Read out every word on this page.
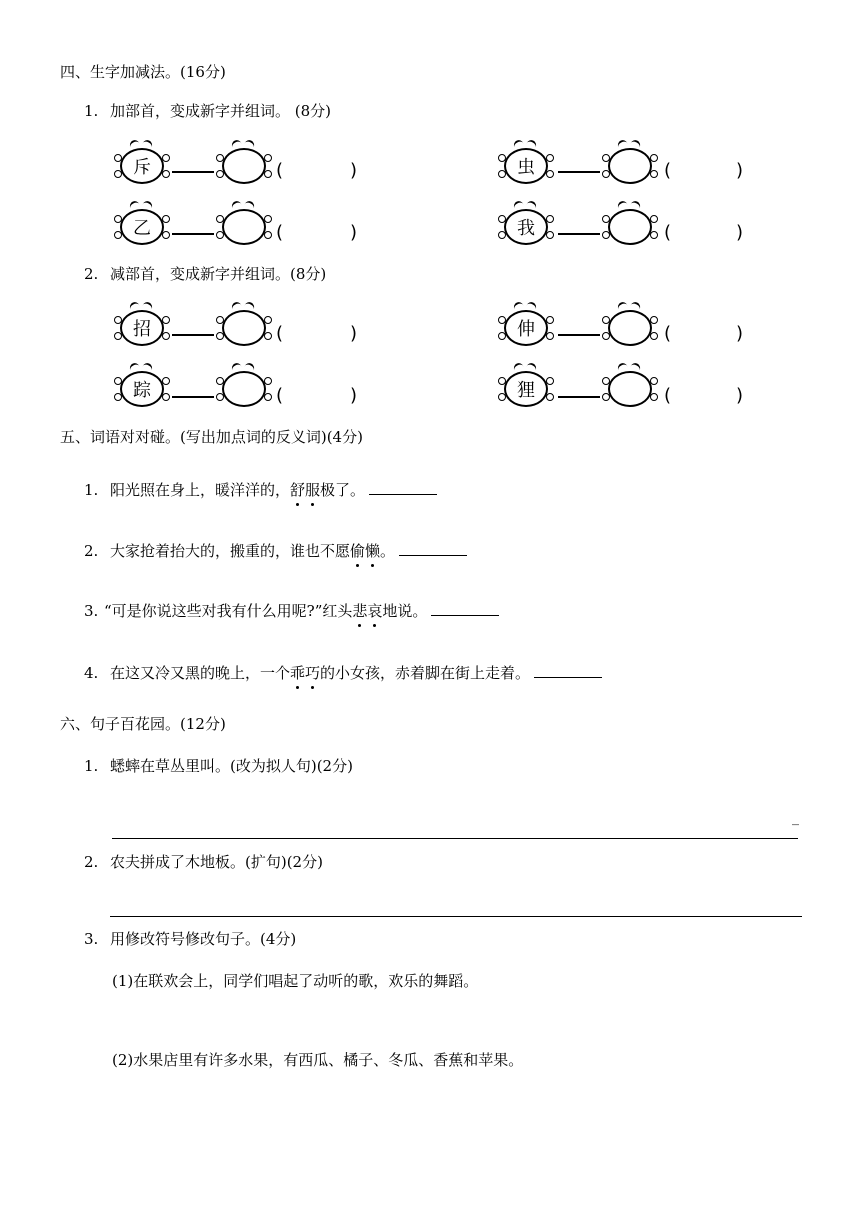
四、生字加减法。(16分)
1. 加部首，变成新字并组词。 (8分)
斥	(	)	虫	(	)
乙	(	)	我	(	)
2. 减部首，变成新字并组词。(8分)
招	(	)	伸	(	)
踪	(	)	狸	(	)
五、词语对对碰。(写出加点词的反义词)(4分)
1. 阳光照在身上，暖洋洋的，舒服极了。
2. 大家抢着抬大的，搬重的，谁也不愿偷懒。
3. “可是你说这些对我有什么用呢?”红头悲哀地说。
4. 在这又冷又黑的晚上，一个乖巧的小女孩，赤着脚在街上走着。
六、句子百花园。(12分)
1. 蟋蟀在草丛里叫。(改为拟人句)(2分)
_
2. 农夫拼成了木地板。(扩句)(2分)
3. 用修改符号修改句子。(4分)
(1)在联欢会上，同学们唱起了动听的歌，欢乐的舞蹈。
(2)水果店里有许多水果，有西瓜、橘子、冬瓜、香蕉和苹果。
